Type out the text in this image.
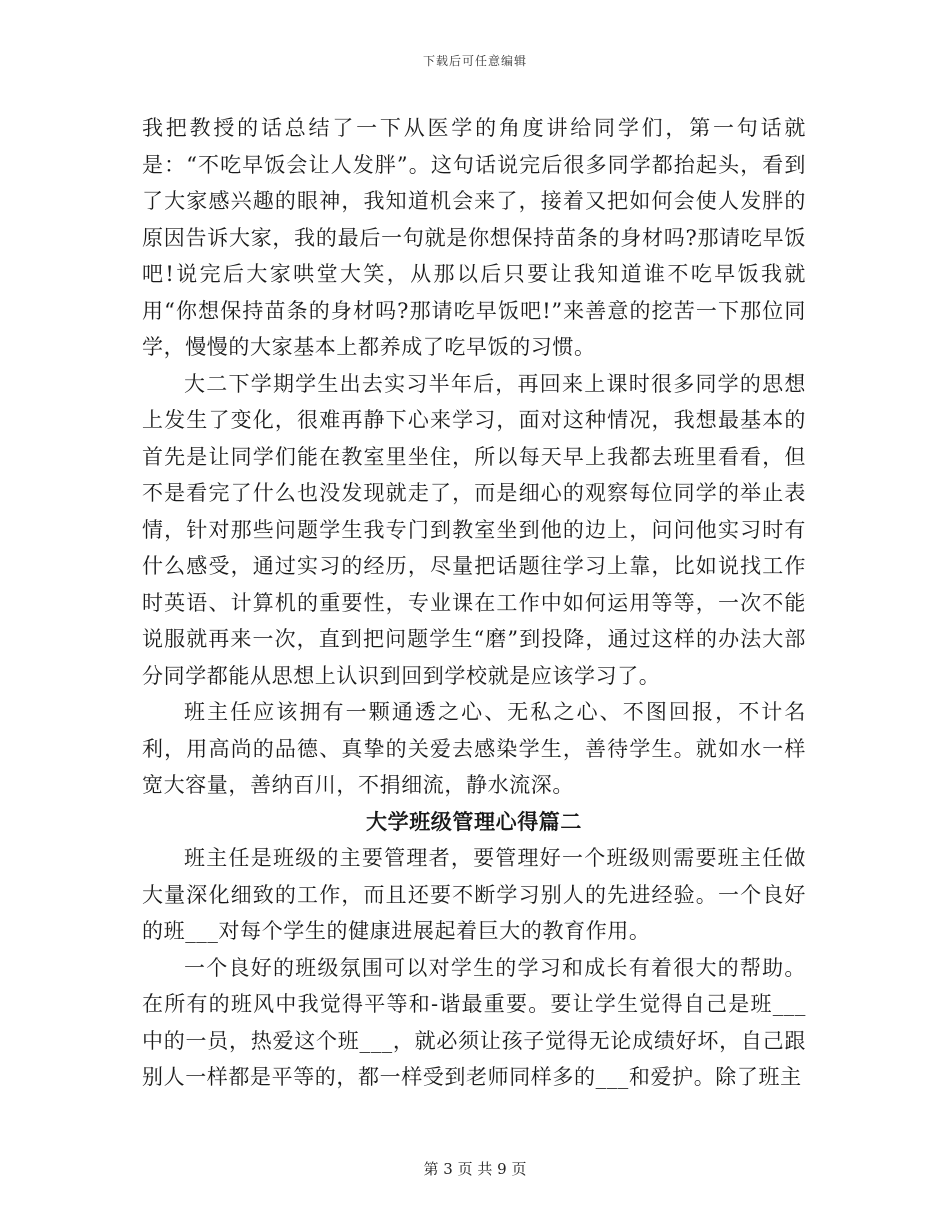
下载后可任意编辑

我把教授的话总结了一下从医学的角度讲给同学们，第一句话就是：“不吃早饭会让人发胖”。这句话说完后很多同学都抬起头，看到了大家感兴趣的眼神，我知道机会来了，接着又把如何会使人发胖的原因告诉大家，我的最后一句就是你想保持苗条的身材吗?那请吃早饭吧!说完后大家哄堂大笑，从那以后只要让我知道谁不吃早饭我就用“你想保持苗条的身材吗?那请吃早饭吧!”来善意的挖苦一下那位同学，慢慢的大家基本上都养成了吃早饭的习惯。

大二下学期学生出去实习半年后，再回来上课时很多同学的思想上发生了变化，很难再静下心来学习，面对这种情况，我想最基本的首先是让同学们能在教室里坐住，所以每天早上我都去班里看看，但不是看完了什么也没发现就走了，而是细心的观察每位同学的举止表情，针对那些问题学生我专门到教室坐到他的边上，问问他实习时有什么感受，通过实习的经历，尽量把话题往学习上靠，比如说找工作时英语、计算机的重要性，专业课在工作中如何运用等等，一次不能说服就再来一次，直到把问题学生“磨”到投降，通过这样的办法大部分同学都能从思想上认识到回到学校就是应该学习了。

班主任应该拥有一颗通透之心、无私之心、不图回报，不计名利，用高尚的品德、真挚的关爱去感染学生，善待学生。就如水一样宽大容量，善纳百川，不捐细流，静水流深。

大学班级管理心得篇二

班主任是班级的主要管理者，要管理好一个班级则需要班主任做大量深化细致的工作，而且还要不断学习别人的先进经验。一个良好的班___对每个学生的健康进展起着巨大的教育作用。

一个良好的班级氛围可以对学生的学习和成长有着很大的帮助。在所有的班风中我觉得平等和-谐最重要。要让学生觉得自己是班___中的一员，热爱这个班___，就必须让孩子觉得无论成绩好坏，自己跟别人一样都是平等的，都一样受到老师同样多的___和爱护。除了班主

第 3 页 共 9 页
